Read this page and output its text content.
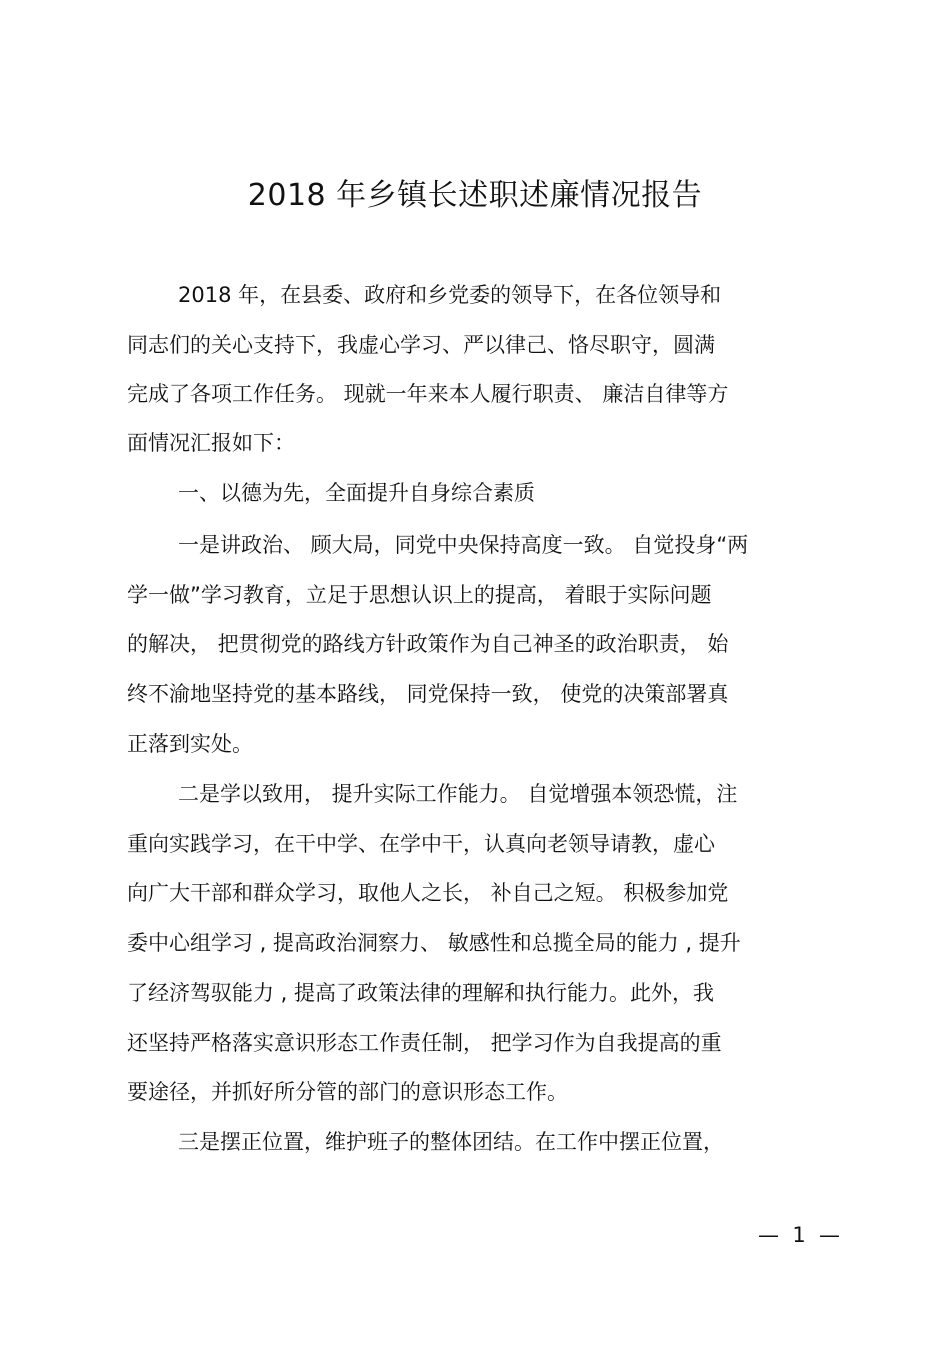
2018 年乡镇长述职述廉情况报告
2018 年，在县委、政府和乡党委的领导下，在各位领导和
同志们的关心支持下，我虚心学习、严以律己、恪尽职守，圆满
完成了各项工作任务。 现就一年来本人履行职责、 廉洁自律等方
面情况汇报如下：
一、以德为先，全面提升自身综合素质
一是讲政治、 顾大局，同党中央保持高度一致。 自觉投身“两
学一做”学习教育，立足于思想认识上的提高， 着眼于实际问题
的解决， 把贯彻党的路线方针政策作为自己神圣的政治职责， 始
终不渝地坚持党的基本路线， 同党保持一致， 使党的决策部署真
正落到实处。
二是学以致用， 提升实际工作能力。 自觉增强本领恐慌，注
重向实践学习，在干中学、在学中干，认真向老领导请教，虚心
向广大干部和群众学习，取他人之长， 补自己之短。 积极参加党
委中心组学习 , 提高政治洞察力、 敏感性和总揽全局的能力 , 提升
了经济驾驭能力 , 提高了政策法律的理解和执行能力。此外，我
还坚持严格落实意识形态工作责任制， 把学习作为自我提高的重
要途径，并抓好所分管的部门的意识形态工作。
三是摆正位置，维护班子的整体团结。在工作中摆正位置，
—  1  —
